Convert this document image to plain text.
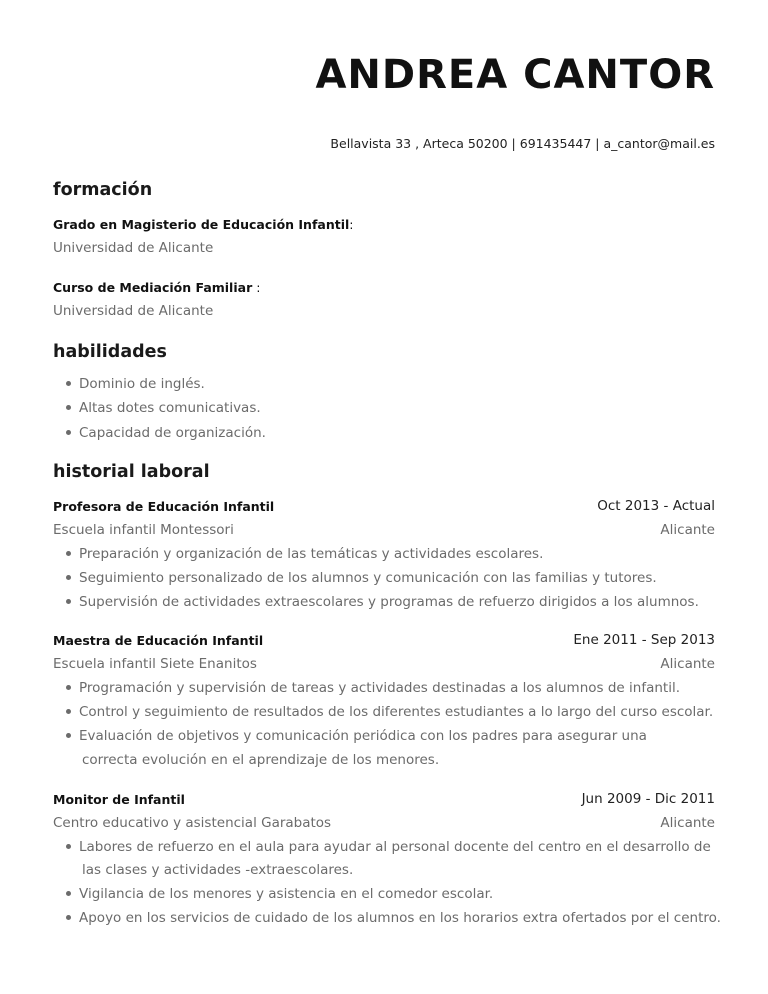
ANDREA CANTOR
Bellavista 33 , Arteca 50200 | 691435447 | a_cantor@mail.es
formación
Grado en Magisterio de Educación Infantil:
Universidad de Alicante
Curso de Mediación Familiar :
Universidad de Alicante
habilidades
Dominio de inglés.
Altas dotes comunicativas.
Capacidad de organización.
historial laboral
Profesora de Educación Infantil	Oct 2013 - Actual
Escuela infantil Montessori	Alicante
Preparación y organización de las temáticas y actividades escolares.
Seguimiento personalizado de los alumnos y comunicación con las familias y tutores.
Supervisión de actividades extraescolares y programas de refuerzo dirigidos a los alumnos.
Maestra de Educación Infantil	Ene 2011 - Sep 2013
Escuela infantil Siete Enanitos	Alicante
Programación y supervisión de tareas y actividades destinadas a los alumnos de infantil.
Control y seguimiento de resultados de los diferentes estudiantes a lo largo del curso escolar.
Evaluación de objetivos y comunicación periódica con los padres para asegurar una
correcta evolución en el aprendizaje de los menores.
Monitor de Infantil	Jun 2009 - Dic 2011
Centro educativo y asistencial Garabatos	Alicante
Labores de refuerzo en el aula para ayudar al personal docente del centro en el desarrollo de
las clases y actividades -extraescolares.
Vigilancia de los menores y asistencia en el comedor escolar.
Apoyo en los servicios de cuidado de los alumnos en los horarios extra ofertados por el centro.
